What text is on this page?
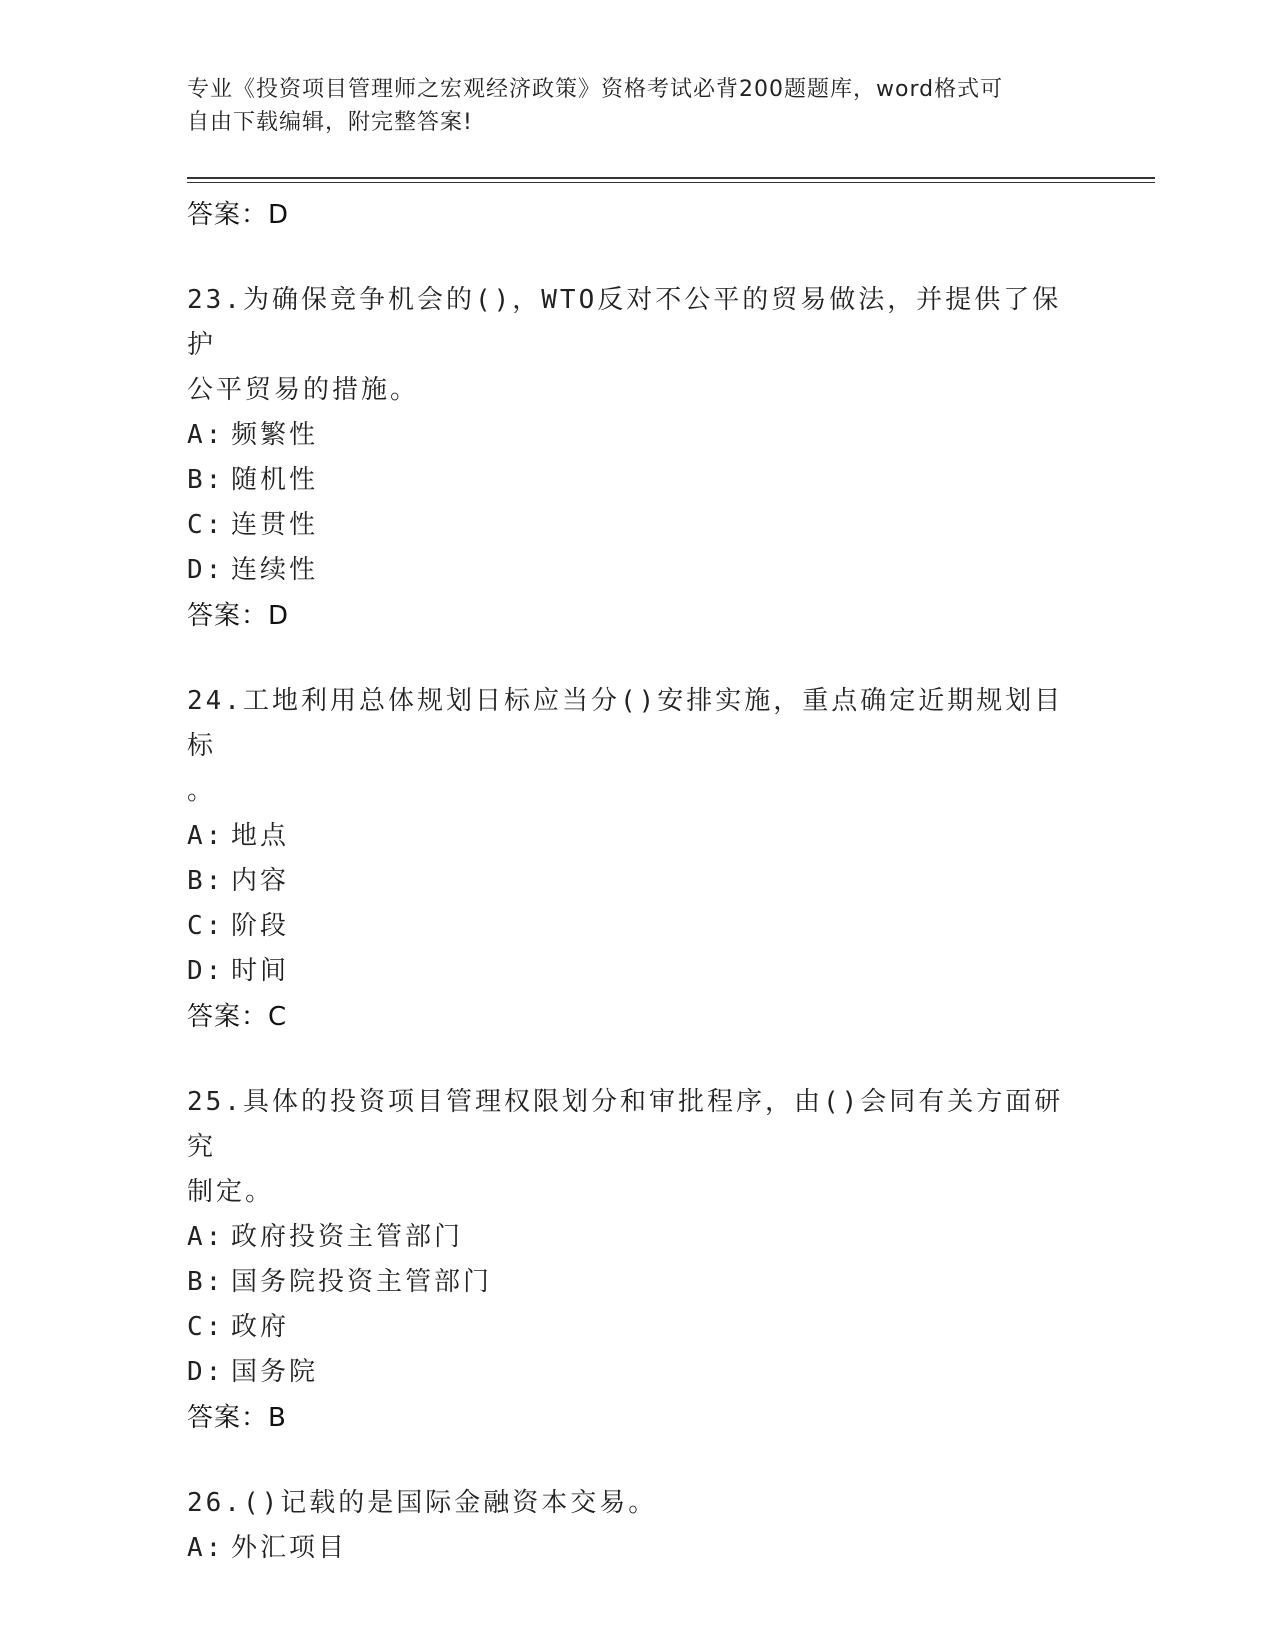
专业《投资项目管理师之宏观经济政策》资格考试必背200题题库，word格式可
自由下载编辑，附完整答案!
答案：D
23.为确保竞争机会的()，WTO反对不公平的贸易做法，并提供了保护
公平贸易的措施。
A: 频繁性
B: 随机性
C: 连贯性
D: 连续性
答案：D
24.工地利用总体规划日标应当分()安排实施，重点确定近期规划目标
。
A: 地点
B: 内容
C: 阶段
D: 时间
答案：C
25.具体的投资项目管理权限划分和审批程序，由()会同有关方面研究
制定。
A: 政府投资主管部门
B: 国务院投资主管部门
C: 政府
D: 国务院
答案：B
26.()记载的是国际金融资本交易。
A: 外汇项目
